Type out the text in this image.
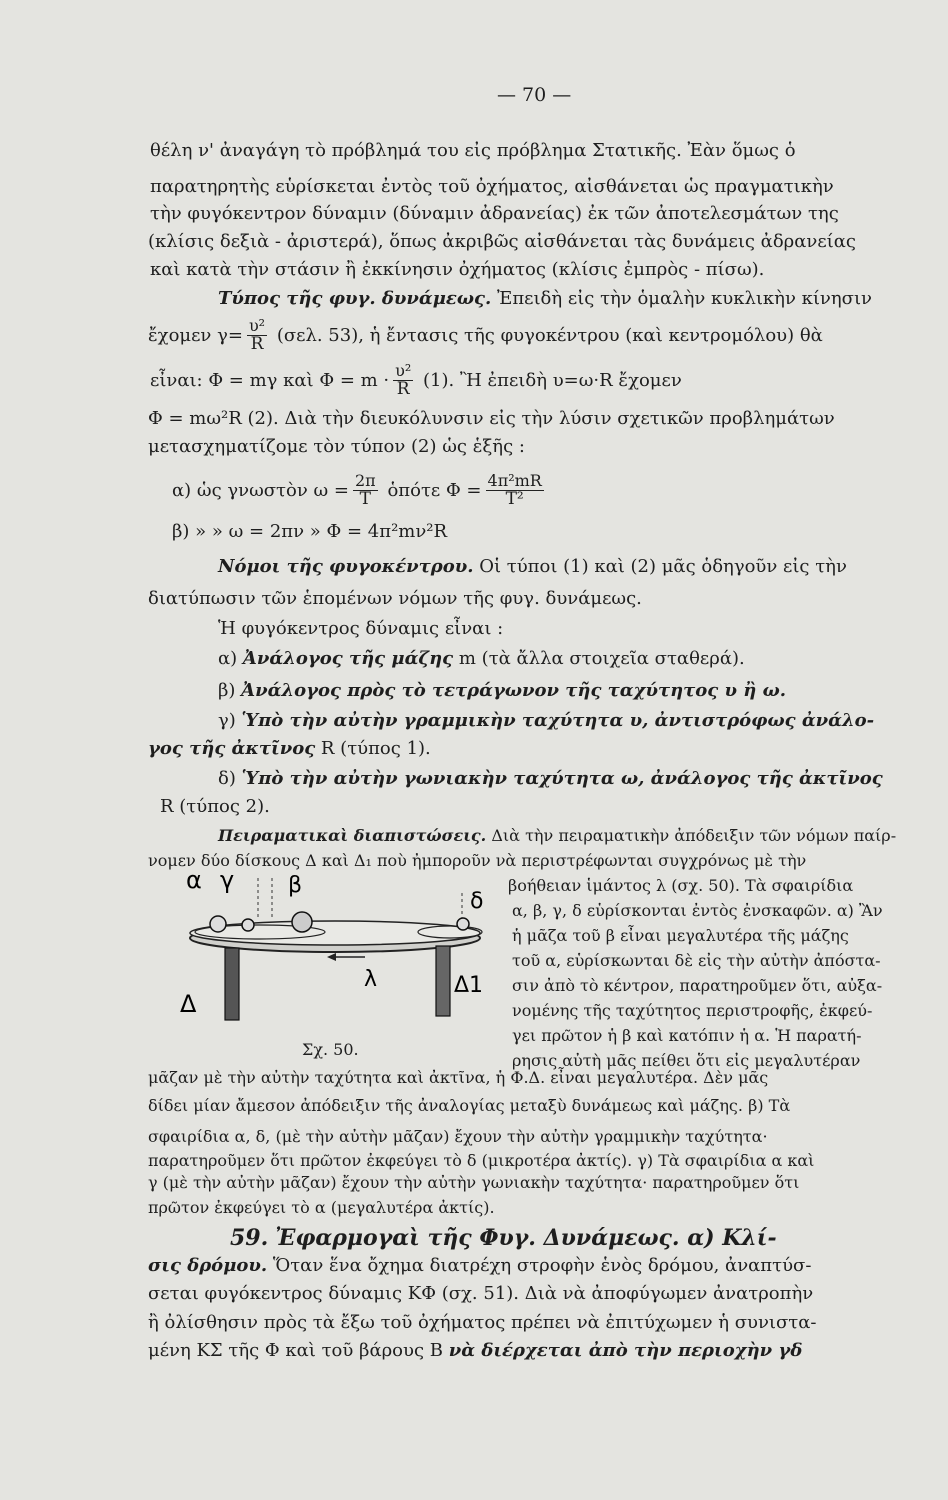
— 70 —
θέλη ν' ἀναγάγη τὸ πρόβλημά του εἰς πρόβλημα Στατικῆς. Ἐὰν ὅμως ὁ
παρατηρητὴς εὑρίσκεται ἐντὸς τοῦ ὀχήματος, αἰσθάνεται ὡς πραγματικὴν
τὴν φυγόκεντρον δύναμιν (δύναμιν ἀδρανείας) ἐκ τῶν ἀποτελεσμάτων της
(κλίσις δεξιὰ - ἀριστερά), ὅπως ἀκριβῶς αἰσθάνεται τὰς δυνάμεις ἀδρανείας
καὶ κατὰ τὴν στάσιν ἢ ἐκκίνησιν ὀχήματος (κλίσις ἐμπρὸς - πίσω).
Τύπος τῆς φυγ. δυνάμεως. Ἐπειδὴ εἰς τὴν ὁμαλὴν κυκλικὴν κίνησιν
ἔχομεν $\gamma= \frac{\text{υ²}}{R} (\sigma\varepsilon\lambda$. 53), ἡ ἔντασις τῆς φυγοκέντρου (καὶ κεντρομόλου) θὰ
εἶναι: Φ = mγ καὶ $\Phi = m \cdot \frac{\text{υ²}}{R} (1)$. Ἢ ἐπειδὴ υ=ω·R ἔχομεν
Φ = mω²R (2). Διὰ τὴν διευκόλυνσιν εἰς τὴν λύσιν σχετικῶν προβλημάτων
μετασχηματίζομε τὸν τύπον (2) ὡς ἑξῆς :
α) ὡς γνωστὸν $\omega = \frac{2\pi}{T}$ ὁπότε $\Phi = \frac{\text{4π²mR}}{\text{T²}}$
β) » » ω = 2πν » Φ = 4π²mν²R
Νόμοι τῆς φυγοκέντρου. Οἱ τύποι (1) καὶ (2) μᾶς ὁδηγοῦν εἰς τὴν
διατύπωσιν τῶν ἑπομένων νόμων τῆς φυγ. δυνάμεως.
Ἡ φυγόκεντρος δύναμις εἶναι :
α) Ἀνάλογος τῆς μάζης m (τὰ ἄλλα στοιχεῖα σταθερά).
β) Ἀνάλογος πρὸς τὸ τετράγωνον τῆς ταχύτητος υ ἢ ω.
γ) Ὑπὸ τὴν αὐτὴν γραμμικὴν ταχύτητα υ, ἀντιστρόφως ἀνάλο-
γος τῆς ἀκτῖνος R (τύπος 1).
δ) Ὑπὸ τὴν αὐτὴν γωνιακὴν ταχύτητα ω, ἀνάλογος τῆς ἀκτῖνος
R (τύπος 2).
Πειραματικαὶ διαπιστώσεις. Διὰ τὴν πειραματικὴν ἀπόδειξιν τῶν νόμων παίρ-
νομεν δύο δίσκους Δ καὶ Δ₁ ποὺ ἠμποροῦν νὰ περιστρέφωνται συγχρόνως μὲ τὴν
βοήθειαν ἱμάντος λ (σχ. 50). Τὰ σφαιρίδια
α, β, γ, δ εὑρίσκονται ἐντὸς ἐνσκαφῶν. α) Ἂν
ἡ μᾶζα τοῦ β εἶναι μεγαλυτέρα τῆς μάζης
τοῦ α, εὑρίσκωνται δὲ εἰς τὴν αὐτὴν ἀπόστα-
σιν ἀπὸ τὸ κέντρον, παρατηροῦμεν ὅτι, αὐξα-
νομένης τῆς ταχύτητος περιστροφῆς, ἐκφεύ-
γει πρῶτον ἡ β καὶ κατόπιν ἡ α. Ἡ παρατή-
ρησις αὐτὴ μᾶς πείθει ὅτι εἰς μεγαλυτέραν
α γ β
δ
λ
Δ
Δ1
Σχ. 50.
μᾶζαν μὲ τὴν αὐτὴν ταχύτητα καὶ ἀκτῖνα, ἡ Φ.Δ. εἶναι μεγαλυτέρα. Δὲν μᾶς
δίδει μίαν ἄμεσον ἀπόδειξιν τῆς ἀναλογίας μεταξὺ δυνάμεως καὶ μάζης. β) Τὰ
σφαιρίδια α, δ, (μὲ τὴν αὐτὴν μᾶζαν) ἔχουν τὴν αὐτὴν γραμμικὴν ταχύτητα·
παρατηροῦμεν ὅτι πρῶτον ἐκφεύγει τὸ δ (μικροτέρα ἀκτίς). γ) Τὰ σφαιρίδια α καὶ
γ (μὲ τὴν αὐτὴν μᾶζαν) ἔχουν τὴν αὐτὴν γωνιακὴν ταχύτητα· παρατηροῦμεν ὅτι
πρῶτον ἐκφεύγει τὸ α (μεγαλυτέρα ἀκτίς).
59. Ἐφαρμογαὶ τῆς Φυγ. Δυνάμεως. α) Κλί-
σις δρόμου. Ὅταν ἕνα ὄχημα διατρέχη στροφὴν ἑνὸς δρόμου, ἀναπτύσ-
σεται φυγόκεντρος δύναμις ΚΦ (σχ. 51). Διὰ νὰ ἀποφύγωμεν ἀνατροπὴν
ἢ ὀλίσθησιν πρὸς τὰ ἔξω τοῦ ὀχήματος πρέπει νὰ ἐπιτύχωμεν ἡ συνιστα-
μένη ΚΣ τῆς Φ καὶ τοῦ βάρους Β νὰ διέρχεται ἀπὸ τὴν περιοχὴν γδ
